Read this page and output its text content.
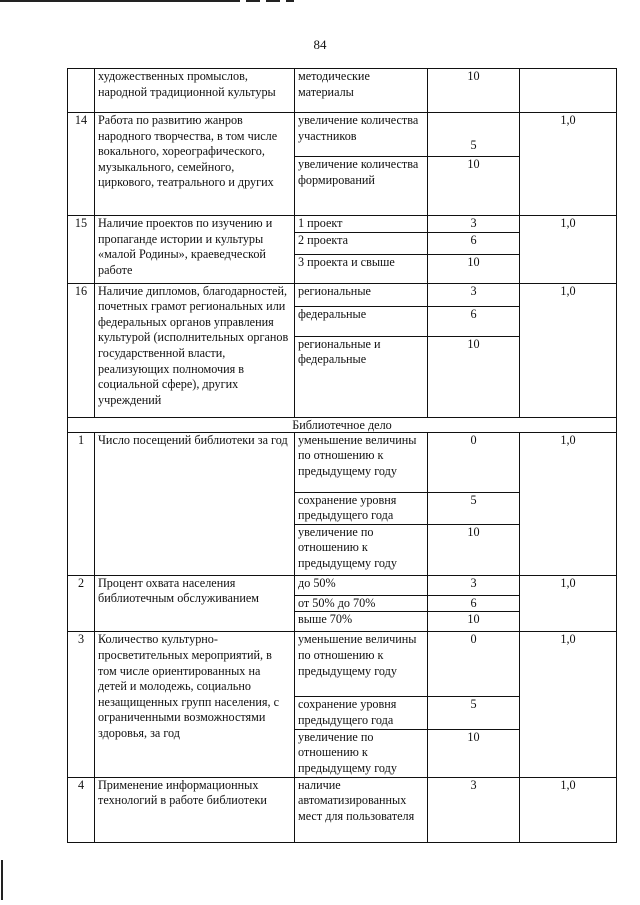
84
	художественных промыслов, народной традиционной культуры	методические материалы	10	
14	Работа по развитию жанров народного творчества, в том числе вокального, хореографического, музыкального, семейного, циркового, театрального и других	увеличение количества участников	5	1,0
		увеличение количества формирований	10	
15	Наличие проектов по изучению и пропаганде истории и культуры «малой Родины», краеведческой работе	1 проект	3	1,0
		2 проекта	6	
		3 проекта и свыше	10	
16	Наличие дипломов, благодарностей, почетных грамот региональных или федеральных органов управления культурой (исполнительных органов государственной власти, реализующих полномочия в социальной сфере), других учреждений	региональные	3	1,0
		федеральные	6	
		региональные и федеральные	10	
Библиотечное дело				
1	Число посещений библиотеки за год	уменьшение величины по отношению к предыдущему году	0	1,0
		сохранение уровня предыдущего года	5	
		увеличение по отношению к предыдущему году	10	
2	Процент охвата населения библиотечным обслуживанием	до 50%	3	1,0
		от 50% до 70%	6	
		выше 70%	10	
3	Количество культурно-просветительных мероприятий, в том числе ориентированных на детей и молодежь, социально незащищенных групп населения, с ограниченными возможностями здоровья, за год	уменьшение величины по отношению к предыдущему году	0	1,0
		сохранение уровня предыдущего года	5	
		увеличение по отношению к предыдущему году	10	
4	Применение информационных технологий в работе библиотеки	наличие автоматизированных мест для пользователя	3	1,0
